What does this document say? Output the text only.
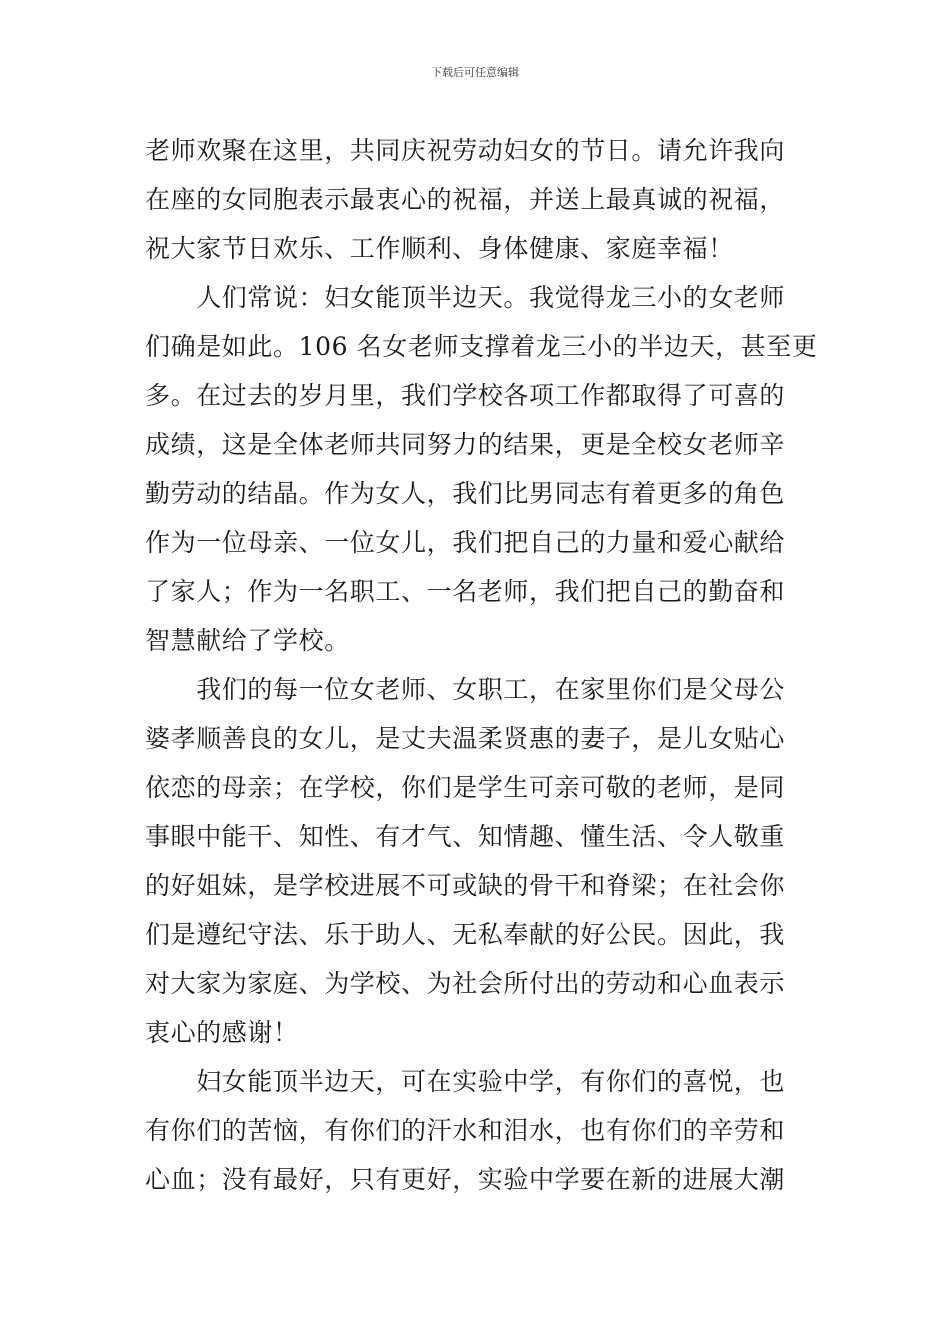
下载后可任意编辑
老师欢聚在这里，共同庆祝劳动妇女的节日。请允许我向
在座的女同胞表示最衷心的祝福，并送上最真诚的祝福，
祝大家节日欢乐、工作顺利、身体健康、家庭幸福！
　　人们常说：妇女能顶半边天。我觉得龙三小的女老师
们确是如此。106 名女老师支撑着龙三小的半边天，甚至更
多。在过去的岁月里，我们学校各项工作都取得了可喜的
成绩，这是全体老师共同努力的结果，更是全校女老师辛
勤劳动的结晶。作为女人，我们比男同志有着更多的角色
作为一位母亲、一位女儿，我们把自己的力量和爱心献给
了家人；作为一名职工、一名老师，我们把自己的勤奋和
智慧献给了学校。
　　我们的每一位女老师、女职工，在家里你们是父母公
婆孝顺善良的女儿，是丈夫温柔贤惠的妻子，是儿女贴心
依恋的母亲；在学校，你们是学生可亲可敬的老师，是同
事眼中能干、知性、有才气、知情趣、懂生活、令人敬重
的好姐妹，是学校进展不可或缺的骨干和脊梁；在社会你
们是遵纪守法、乐于助人、无私奉献的好公民。因此，我
对大家为家庭、为学校、为社会所付出的劳动和心血表示
衷心的感谢！
　　妇女能顶半边天，可在实验中学，有你们的喜悦，也
有你们的苦恼，有你们的汗水和泪水，也有你们的辛劳和
心血；没有最好，只有更好，实验中学要在新的进展大潮
